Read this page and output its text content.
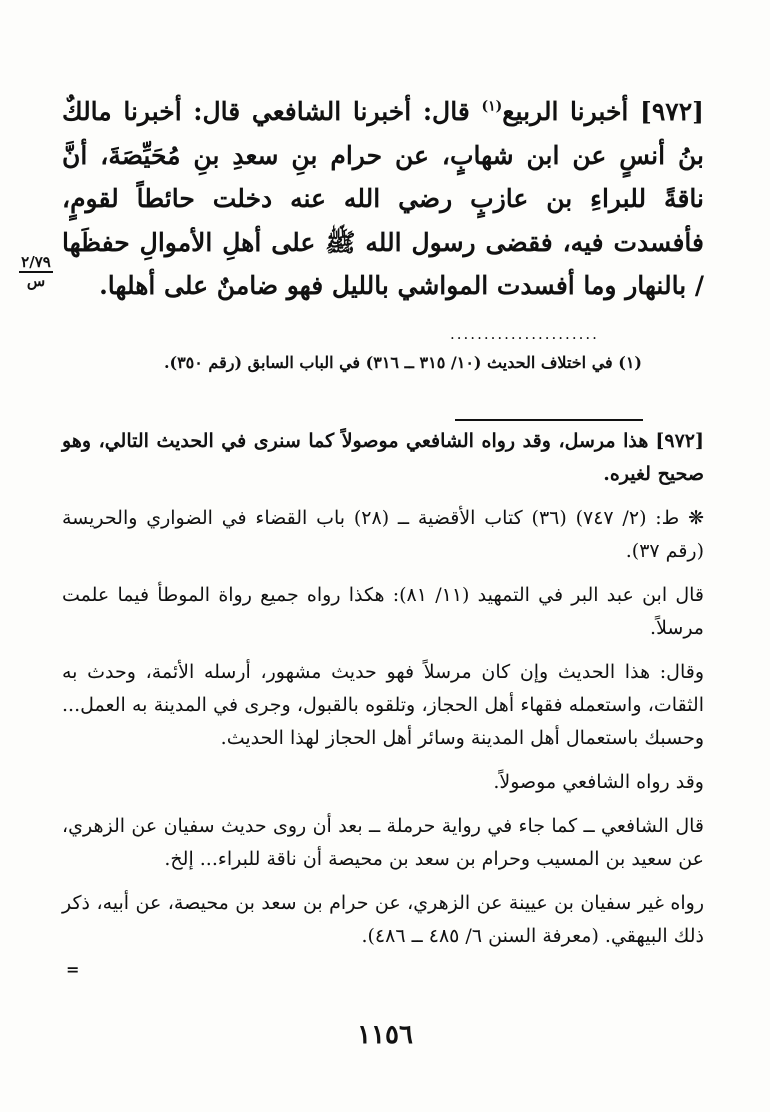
[٩٧٢] أخبرنا الربيع$^{(١)}$ قال: أخبرنا الشافعي قال: أخبرنا مالكٌ بنُ أنسٍ عن ابن شهابٍ، عن حرام بنِ سعدِ بنِ مُحَيِّصَةَ، أنَّ ناقةً للبراءِ بن عازبٍ رضي الله عنه دخلت حائطاً لقومٍ، فأفسدت فيه، فقضى رسول الله ﷺ على أهلِ الأموالِ حفظَها / بالنهار وما أفسدت المواشي بالليل فهو ضامنٌ على أهلها.
٢/٧٩
س
......................
(١) في اختلاف الحديث (١٠/ ٣١٥ ــ ٣١٦) في الباب السابق (رقم ٣٥٠).

[٩٧٢] هذا مرسل، وقد رواه الشافعي موصولاً كما سنرى في الحديث التالي، وهو صحيح لغيره.

❋ ط: (٢/ ٧٤٧) (٣٦) كتاب الأقضية ــ (٢٨) باب القضاء في الضواري والحريسة (رقم ٣٧).

قال ابن عبد البر في التمهيد (١١/ ٨١): هكذا رواه جميع رواة الموطأ فيما علمت مرسلاً.

وقال: هذا الحديث وإن كان مرسلاً فهو حديث مشهور، أرسله الأئمة، وحدث به الثقات، واستعمله فقهاء أهل الحجاز، وتلقوه بالقبول، وجرى في المدينة به العمل... وحسبك باستعمال أهل المدينة وسائر أهل الحجاز لهذا الحديث.

وقد رواه الشافعي موصولاً.

قال الشافعي ــ كما جاء في رواية حرملة ــ بعد أن روى حديث سفيان عن الزهري، عن سعيد بن المسيب وحرام بن سعد بن محيصة أن ناقة للبراء... إلخ.

رواه غير سفيان بن عيينة عن الزهري، عن حرام بن سعد بن محيصة، عن أبيه، ذكر ذلك البيهقي. (معرفة السنن ٦/ ٤٨٥ ــ ٤٨٦).

=
١١٥٦
